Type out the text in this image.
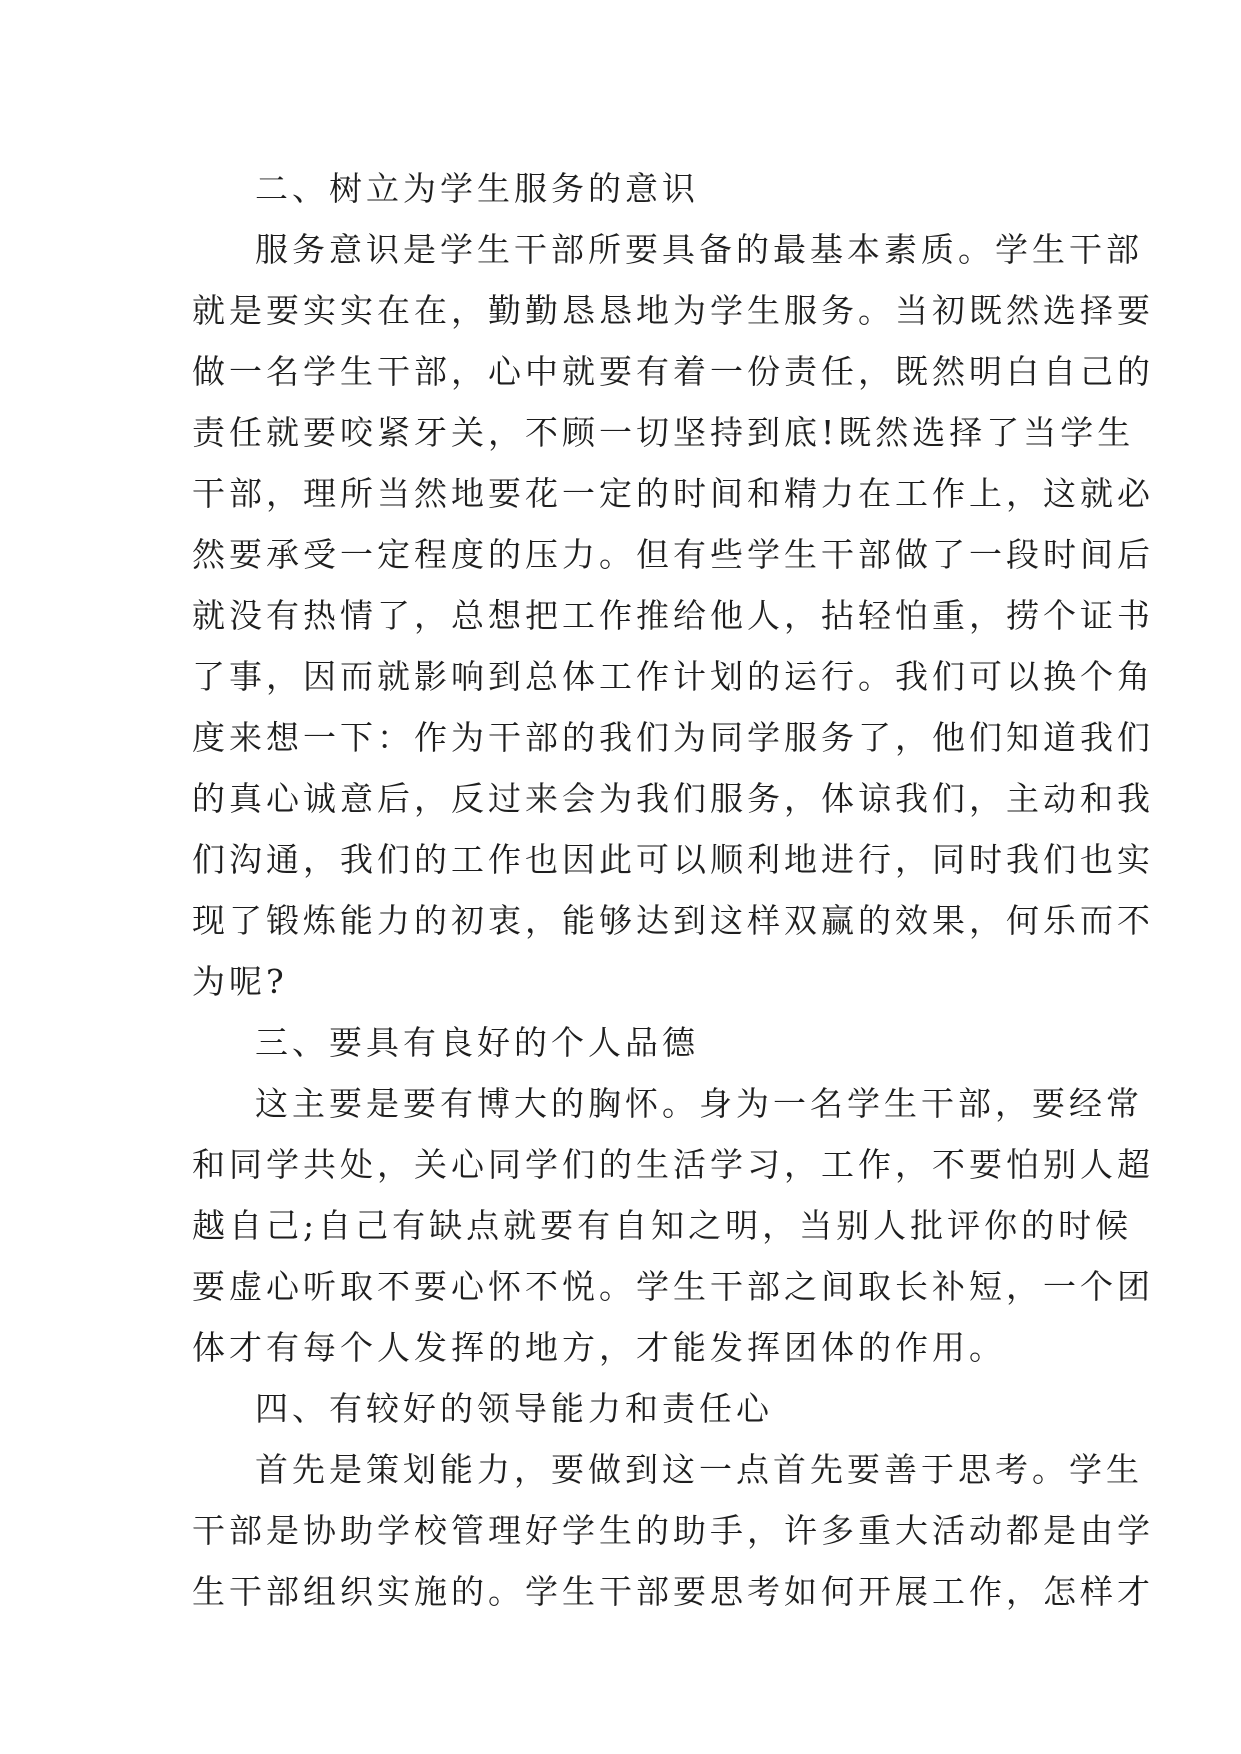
二、树立为学生服务的意识
服务意识是学生干部所要具备的最基本素质。学生干部
就是要实实在在，勤勤恳恳地为学生服务。当初既然选择要
做一名学生干部，心中就要有着一份责任，既然明白自己的
责任就要咬紧牙关，不顾一切坚持到底!既然选择了当学生
干部，理所当然地要花一定的时间和精力在工作上，这就必
然要承受一定程度的压力。但有些学生干部做了一段时间后
就没有热情了，总想把工作推给他人，拈轻怕重，捞个证书
了事，因而就影响到总体工作计划的运行。我们可以换个角
度来想一下：作为干部的我们为同学服务了，他们知道我们
的真心诚意后，反过来会为我们服务，体谅我们，主动和我
们沟通，我们的工作也因此可以顺利地进行，同时我们也实
现了锻炼能力的初衷，能够达到这样双赢的效果，何乐而不
为呢?
三、要具有良好的个人品德
这主要是要有博大的胸怀。身为一名学生干部，要经常
和同学共处，关心同学们的生活学习，工作，不要怕别人超
越自己;自己有缺点就要有自知之明，当别人批评你的时候
要虚心听取不要心怀不悦。学生干部之间取长补短，一个团
体才有每个人发挥的地方，才能发挥团体的作用。
四、有较好的领导能力和责任心
首先是策划能力，要做到这一点首先要善于思考。学生
干部是协助学校管理好学生的助手，许多重大活动都是由学
生干部组织实施的。学生干部要思考如何开展工作，怎样才
